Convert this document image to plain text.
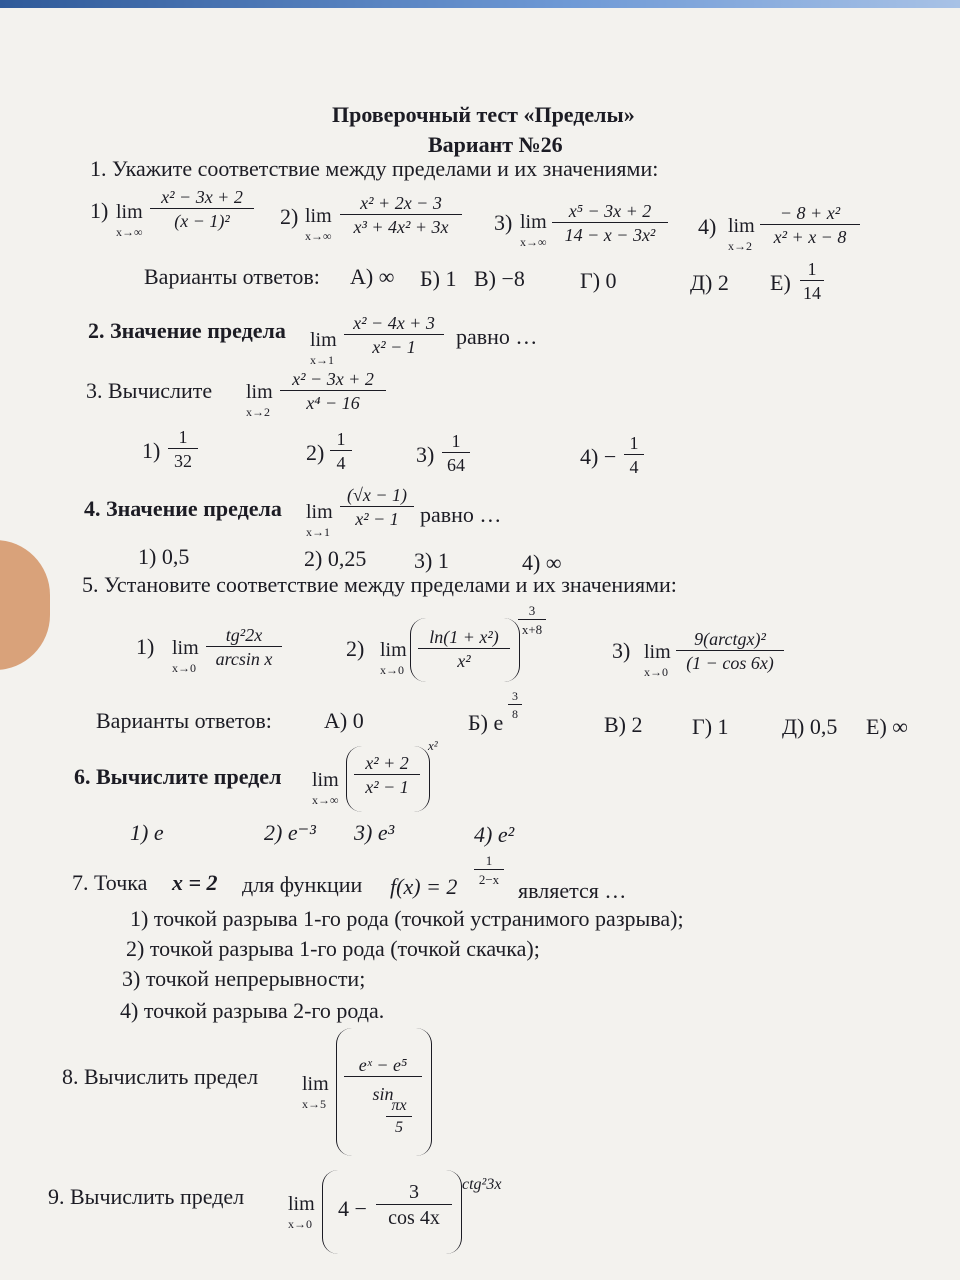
Проверочный тест «Пределы»
Вариант №26
1. Укажите соответствие между пределами и их значениями:
1) lim
x→∞
$\frac{\text{x² − 3x + 2}}{\text{(x − 1)²}} 2$) lim
$x\to\infty \frac{\text{x² + 2x − 3}}{\text{x³ + 4x² + 3x}} 3$) lim
$x\to\infty \frac{\text{x⁵ − 3x + 2}}{\text{14 − x − 3x²}} 4$) lim
$x\to 2 \frac{\text{− 8 + x²}}{\text{x² + x − 8}}$
Варианты ответов: А) ∞ Б) 1 В) −8	Г) 0	Д) 2 $Е) \frac{1}{14}$
2. Значение предела lim
x→1
$\frac{\text{x² − 4x + 3}}{\text{x² − 1}}$ равно …
3. Вычислите lim
$x\to 2 \frac{\text{x² − 3x + 2}}{\text{x⁴ − 16}}$
$1) \frac{1}{32}$	$2) \frac{1}{4}$	$3) \frac{1}{64}$	$4) - \frac{1}{4}$
4. Значение предела lim
x→1
$\frac{(√x - 1)}{\text{x² − 1}}$ равно …
1) 0,5	2) 0,25 3) 1	4) ∞
5. Установите соответствие между пределами и их значениями:
1) lim
$x\to 0 \frac{\text{tg²2x}}{\text{arcsin x}}$	2) lim
$x\to 0 \frac{\text{ln(1 + x²)}}{\text{x²}}$
$\frac{3}{x+8}$
3) lim
x→0
9(arctgx)²
(1 − cos 6x)
Варианты ответов: А) 0	Б) e
$\frac{3}{8}$
В) 2 Г) 1 Д) 0,5 Е) ∞
6. Вычислите предел lim
x→∞
$\frac{\text{x² + 2}}{\text{x² − 1}}$
x²
1) e	2) e⁻³ 3) e³	4) e²
7. Точка x = 2 для функции f(x) = 2
$\frac{1}{2-x}$
является …
1) точкой разрыва 1-го рода (точкой устранимого разрыва);
2) точкой разрыва 1-го рода (точкой скачка);
3) точкой непрерывности;
4) точкой разрыва 2-го рода.
8. Вычислить предел lim
x→5
$\frac{\text{eˣ − e⁵}}{\sin}$
$\frac{\pi x}{5}$
9. Вычислить предел lim
x→0
$4 - \frac{3}{\cos 4x} ctg^23x$
